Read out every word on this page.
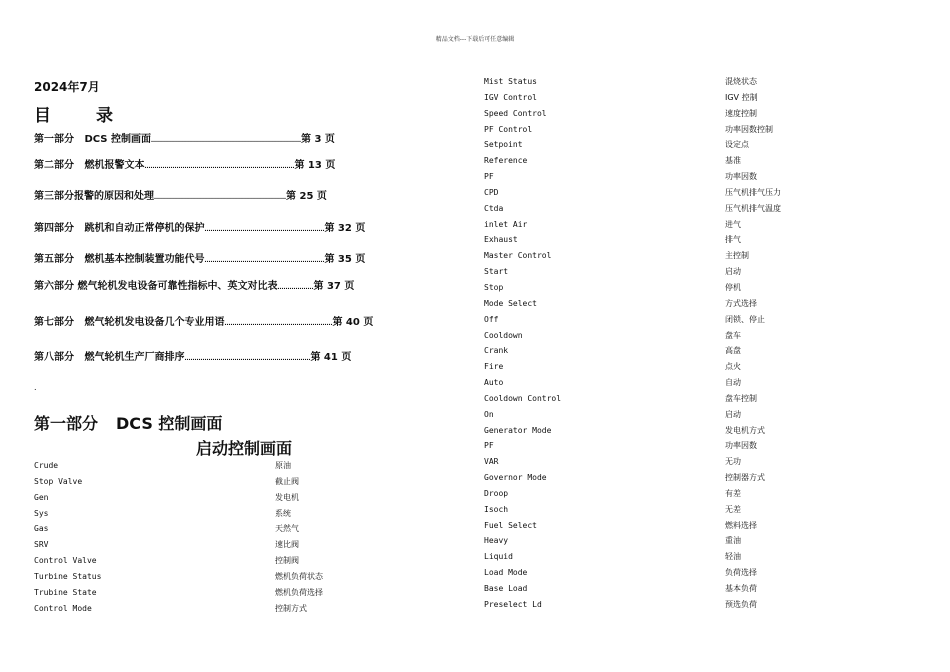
精品文档---下载后可任意编辑
2024年7月
目	录
第一部分 DCS 控制画面…………………………………………………………………第 3 页
第二部分 燃机报警文本…………………………………………………………………第 13 页
第三部分报警的原因和处理…………………………………………………………第 25 页
第四部分 跳机和自动正常停机的保护……………………………………………………第 32 页
第五部分 燃机基本控制装置功能代号……………………………………………………第 35 页
第六部分 燃气轮机发电设备可靠性指标中、英文对比表………………第 37 页
第七部分 燃气轮机发电设备几个专业用语………………………………………………第 40 页
第八部分 燃气轮机生产厂商排序………………………………………………………第 41 页
.
第一部分 DCS 控制画面
启动控制画面
Crude	原油
Stop Valve	截止阀
Gen	发电机
Sys	系统
Gas	天然气
SRV	速比阀
Control Valve	控制阀
Turbine Status	燃机负荷状态
Trubine State	燃机负荷选择
Control Mode	控制方式
Mist Status	混烧状态
IGV Control	IGV 控制
Speed Control	速度控制
PF Control	功率因数控制
Setpoint	设定点
Reference	基准
PF	功率因数
CPD	压气机排气压力
Ctda	压气机排气温度
inlet Air	进气
Exhaust	排气
Master Control	主控制
Start	启动
Stop	停机
Mode Select	方式选择
Off	闭锁、停止
Cooldown	盘车
Crank	高盘
Fire	点火
Auto	自动
Cooldown Control	盘车控制
On	启动
Generator Mode	发电机方式
PF	功率因数
VAR	无功
Governor Mode	控制器方式
Droop	有差
Isoch	无差
Fuel Select	燃料选择
Heavy	重油
Liquid	轻油
Load Mode	负荷选择
Base Load	基本负荷
Preselect Ld	预选负荷
